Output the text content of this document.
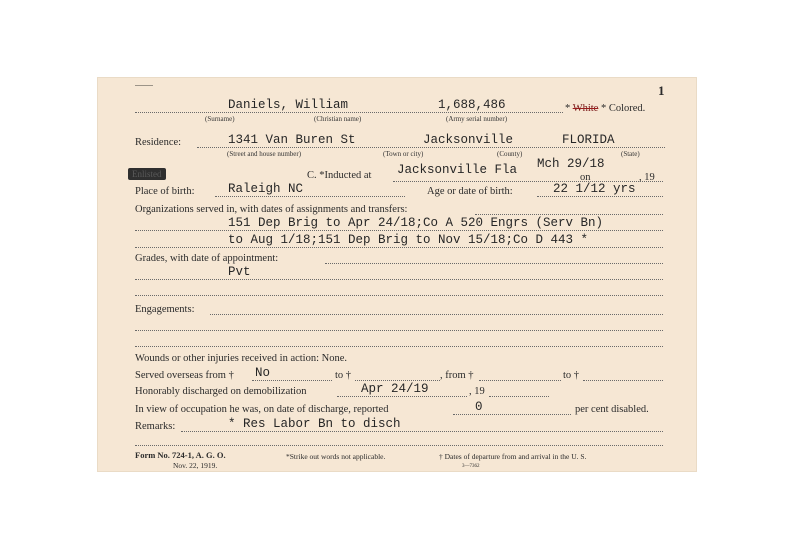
1
Daniels, William	1,688,486	* White * Colored.
(Surname)	(Christian name)	(Army serial number)
Residence:	1341 Van Buren St	Jacksonville	FLORIDA
(Street and house number)	(Town or city)	(County)	(State)
Enlisted	C. *Inducted at Jacksonville Fla Mch 29/18
on	, 19
Place of birth:	Raleigh NC	Age or date of birth:	22 1/12 yrs
Organizations served in, with dates of assignments and transfers:
151 Dep Brig to Apr 24/18;Co A 520 Engrs (Serv Bn)
to Aug 1/18;151 Dep Brig to Nov 15/18;Co D 443 *
Grades, with date of appointment:
Pvt
Engagements:
Wounds or other injuries received in action: None.
Served overseas from † No	to †	, from †	to †
Honorably discharged on demobilization	Apr 24/19	, 19
In view of occupation he was, on date of discharge, reported	0	per cent disabled.
Remarks:	* Res Labor Bn to disch
Form No. 724-1, A. G. O.
Nov. 22, 1919.
*Strike out words not applicable.	† Dates of departure from and arrival in the U. S.
3—7362
